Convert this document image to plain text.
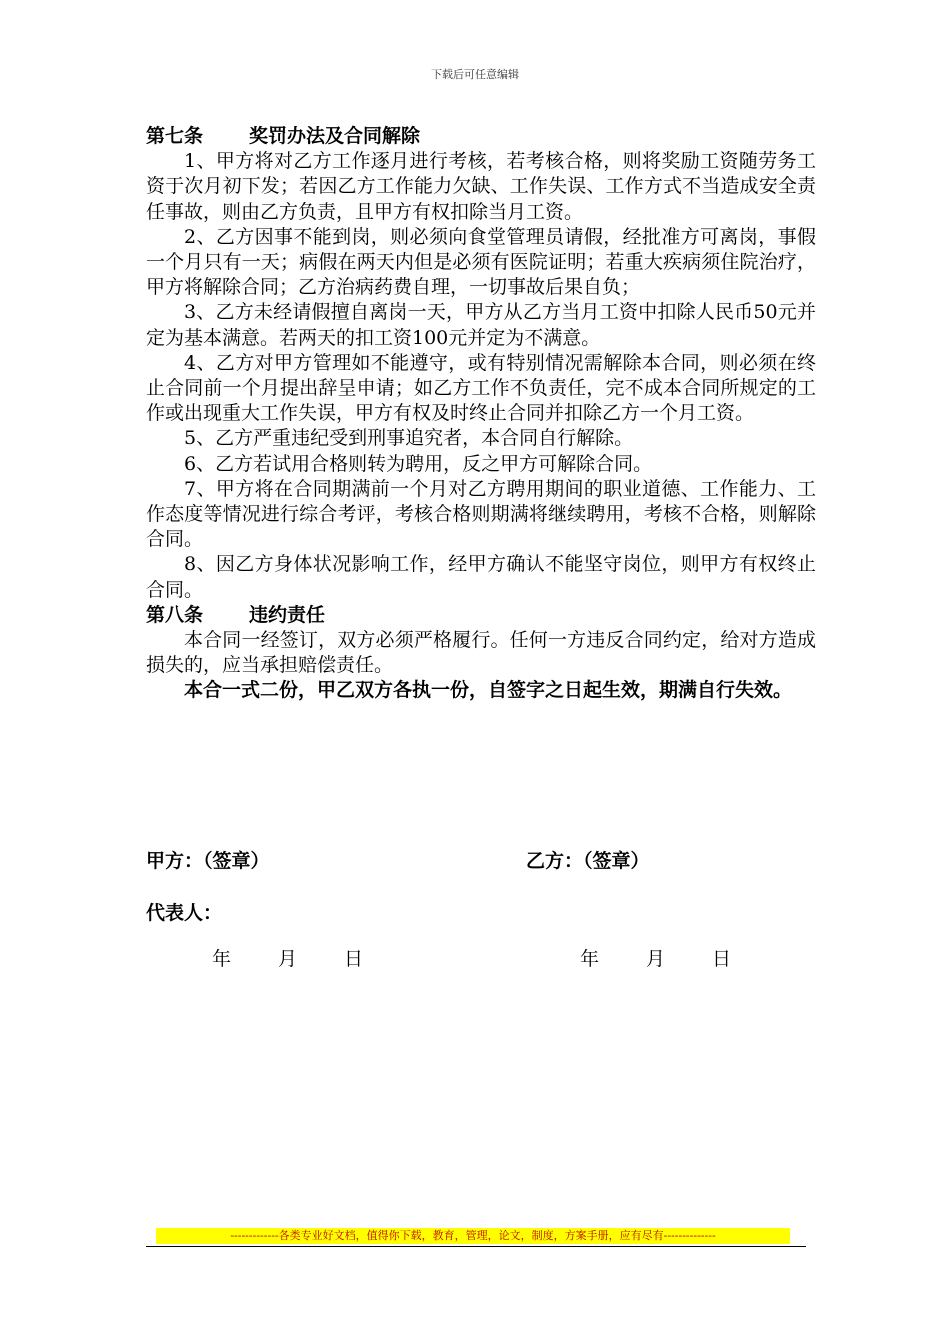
下载后可任意编辑

第七条 奖罚办法及合同解除

1、甲方将对乙方工作逐月进行考核，若考核合格，则将奖励工资随劳务工资于次月初下发；若因乙方工作能力欠缺、工作失误、工作方式不当造成安全责任事故，则由乙方负责，且甲方有权扣除当月工资。

2、乙方因事不能到岗，则必须向食堂管理员请假，经批准方可离岗，事假一个月只有一天；病假在两天内但是必须有医院证明；若重大疾病须住院治疗，甲方将解除合同；乙方治病药费自理，一切事故后果自负；

3、乙方未经请假擅自离岗一天，甲方从乙方当月工资中扣除人民币50元并定为基本满意。若两天的扣工资100元并定为不满意。

4、乙方对甲方管理如不能遵守，或有特别情况需解除本合同，则必须在终止合同前一个月提出辞呈申请；如乙方工作不负责任，完不成本合同所规定的工作或出现重大工作失误，甲方有权及时终止合同并扣除乙方一个月工资。

5、乙方严重违纪受到刑事追究者，本合同自行解除。

6、乙方若试用合格则转为聘用，反之甲方可解除合同。

7、甲方将在合同期满前一个月对乙方聘用期间的职业道德、工作能力、工作态度等情况进行综合考评，考核合格则期满将继续聘用，考核不合格，则解除合同。

8、因乙方身体状况影响工作，经甲方确认不能坚守岗位，则甲方有权终止合同。

第八条 违约责任

本合同一经签订，双方必须严格履行。任何一方违反合同约定，给对方造成损失的，应当承担赔偿责任。

本合一式二份，甲乙双方各执一份，自签字之日起生效，期满自行失效。

甲方：（签章）	乙方：（签章）
代表人：
年 月 日	年 月 日
-------------各类专业好文档，值得你下载，教育，管理，论文，制度，方案手册，应有尽有--------------
